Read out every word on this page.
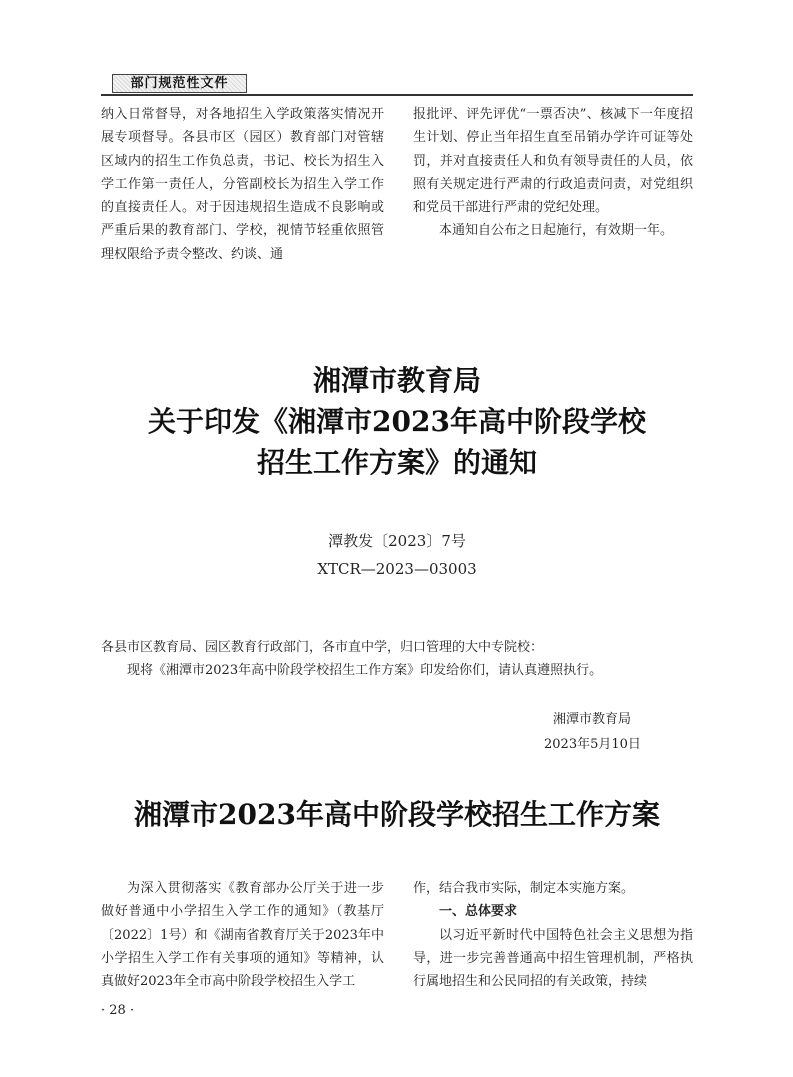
部门规范性文件

纳入日常督导，对各地招生入学政策落实情况开展专项督导。各县市区（园区）教育部门对管辖区域内的招生工作负总责，书记、校长为招生入学工作第一责任人，分管副校长为招生入学工作的直接责任人。对于因违规招生造成不良影响或严重后果的教育部门、学校，视情节轻重依照管理权限给予责令整改、约谈、通

报批评、评先评优“一票否决”、核减下一年度招生计划、停止当年招生直至吊销办学许可证等处罚，并对直接责任人和负有领导责任的人员，依照有关规定进行严肃的行政追责问责，对党组织和党员干部进行严肃的党纪处理。

本通知自公布之日起施行，有效期一年。

湘潭市教育局
关于印发《湘潭市2023年高中阶段学校
招生工作方案》的通知
潭教发〔2023〕7号
XTCR—2023—03003

各县市区教育局、园区教育行政部门，各市直中学，归口管理的大中专院校：

现将《湘潭市2023年高中阶段学校招生工作方案》印发给你们，请认真遵照执行。

湘潭市教育局
2023年5月10日
湘潭市2023年高中阶段学校招生工作方案

为深入贯彻落实《教育部办公厅关于进一步做好普通中小学招生入学工作的通知》（教基厅〔2022〕1号）和《湖南省教育厅关于2023年中小学招生入学工作有关事项的通知》等精神，认真做好2023年全市高中阶段学校招生入学工

作，结合我市实际，制定本实施方案。

一、总体要求

以习近平新时代中国特色社会主义思想为指导，进一步完善普通高中招生管理机制，严格执行属地招生和公民同招的有关政策，持续

· 28 ·
